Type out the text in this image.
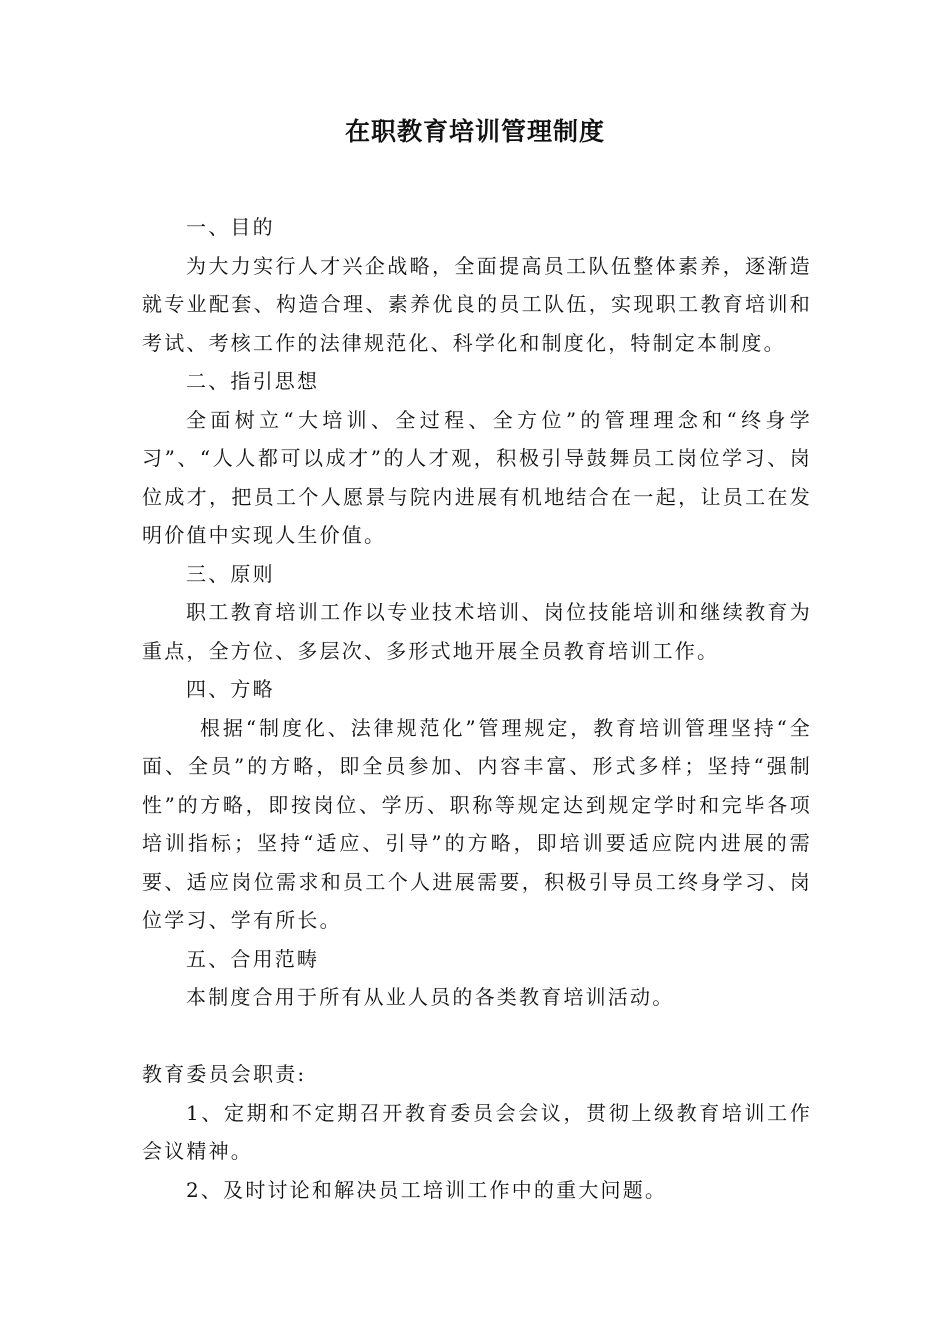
在职教育培训管理制度

一、目的

为大力实行人才兴企战略，全面提高员工队伍整体素养，逐渐造就专业配套、构造合理、素养优良的员工队伍，实现职工教育培训和考试、考核工作的法律规范化、科学化和制度化，特制定本制度。

二、指引思想

全面树立“大培训、全过程、全方位”的管理理念和“终身学习”、“人人都可以成才”的人才观，积极引导鼓舞员工岗位学习、岗位成才，把员工个人愿景与院内进展有机地结合在一起，让员工在发明价值中实现人生价值。

三、原则

职工教育培训工作以专业技术培训、岗位技能培训和继续教育为重点，全方位、多层次、多形式地开展全员教育培训工作。

四、方略

根据“制度化、法律规范化”管理规定，教育培训管理坚持“全面、全员”的方略，即全员参加、内容丰富、形式多样；坚持“强制性”的方略，即按岗位、学历、职称等规定达到规定学时和完毕各项培训指标；坚持“适应、引导”的方略，即培训要适应院内进展的需要、适应岗位需求和员工个人进展需要，积极引导员工终身学习、岗位学习、学有所长。

五、合用范畴

本制度合用于所有从业人员的各类教育培训活动。

教育委员会职责:

1、定期和不定期召开教育委员会会议，贯彻上级教育培训工作会议精神。

2、及时讨论和解决员工培训工作中的重大问题。
